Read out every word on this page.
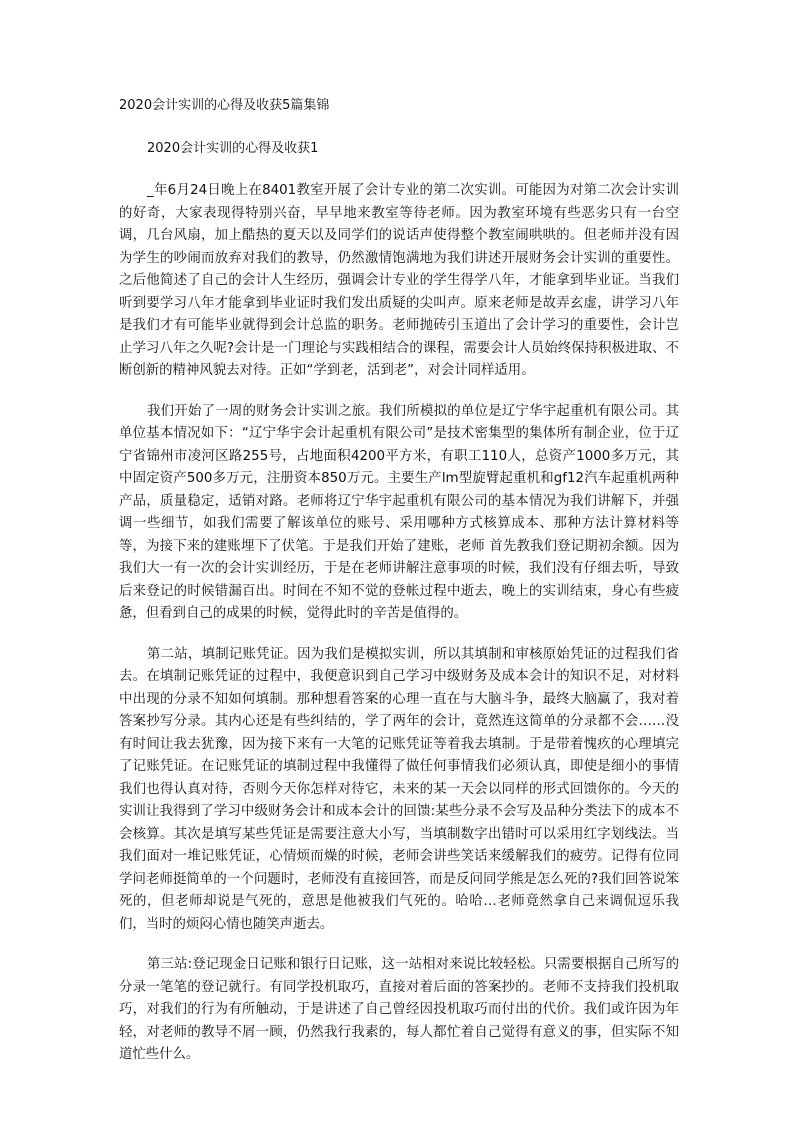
2020会计实训的心得及收获5篇集锦
2020会计实训的心得及收获1

_年6月24日晚上在8401教室开展了会计专业的第二次实训。可能因为对第二次会计实训的好奇，大家表现得特别兴奋，早早地来教室等待老师。因为教室环境有些恶劣只有一台空调，几台风扇，加上酷热的夏天以及同学们的说话声使得整个教室闹哄哄的。但老师并没有因为学生的吵闹而放弃对我们的教导，仍然激情饱满地为我们讲述开展财务会计实训的重要性。之后他简述了自己的会计人生经历，强调会计专业的学生得学八年，才能拿到毕业证。当我们听到要学习八年才能拿到毕业证时我们发出质疑的尖叫声。原来老师是故弄玄虚，讲学习八年是我们才有可能毕业就得到会计总监的职务。老师抛砖引玉道出了会计学习的重要性，会计岂止学习八年之久呢?会计是一门理论与实践相结合的课程，需要会计人员始终保持积极进取、不断创新的精神风貌去对待。正如“学到老，活到老”，对会计同样适用。

我们开始了一周的财务会计实训之旅。我们所模拟的单位是辽宁华宇起重机有限公司。其单位基本情况如下：“辽宁华宇会计起重机有限公司”是技术密集型的集体所有制企业，位于辽宁省锦州市凌河区路255号，占地面积4200平方米，有职工110人，总资产1000多万元，其中固定资产500多万元，注册资本850万元。主要生产lm型旋臂起重机和gf12汽车起重机两种产品，质量稳定，适销对路。老师将辽宁华宇起重机有限公司的基本情况为我们讲解下，并强调一些细节，如我们需要了解该单位的账号、采用哪种方式核算成本、那种方法计算材料等等，为接下来的建账埋下了伏笔。于是我们开始了建账，老师 首先教我们登记期初余额。因为我们大一有一次的会计实训经历，于是在老师讲解注意事项的时候，我们没有仔细去听，导致后来登记的时候错漏百出。时间在不知不觉的登帐过程中逝去，晚上的实训结束，身心有些疲惫，但看到自己的成果的时候，觉得此时的辛苦是值得的。

第二站，填制记账凭证。因为我们是模拟实训，所以其填制和审核原始凭证的过程我们省去。在填制记账凭证的过程中，我便意识到自己学习中级财务及成本会计的知识不足，对材料中出现的分录不知如何填制。那种想看答案的心理一直在与大脑斗争，最终大脑赢了，我对着答案抄写分录。其内心还是有些纠结的，学了两年的会计，竟然连这简单的分录都不会……没有时间让我去犹豫，因为接下来有一大笔的记账凭证等着我去填制。于是带着愧疚的心理填完了记账凭证。在记账凭证的填制过程中我懂得了做任何事情我们必须认真，即使是细小的事情我们也得认真对待，否则今天你怎样对待它，未来的某一天会以同样的形式回馈你的。今天的实训让我得到了学习中级财务会计和成本会计的回馈:某些分录不会写及品种分类法下的成本不会核算。其次是填写某些凭证是需要注意大小写，当填制数字出错时可以采用红字划线法。当我们面对一堆记账凭证，心情烦而燥的时候，老师会讲些笑话来缓解我们的疲劳。记得有位同学问老师挺简单的一个问题时，老师没有直接回答，而是反问同学熊是怎么死的?我们回答说笨死的，但老师却说是气死的，意思是他被我们气死的。哈哈…老师竟然拿自己来调侃逗乐我们，当时的烦闷心情也随笑声逝去。

第三站:登记现金日记账和银行日记账，这一站相对来说比较轻松。只需要根据自己所写的分录一笔笔的登记就行。有同学投机取巧，直接对着后面的答案抄的。老师不支持我们投机取巧，对我们的行为有所触动，于是讲述了自己曾经因投机取巧而付出的代价。我们或许因为年轻，对老师的教导不屑一顾，仍然我行我素的，每人都忙着自己觉得有意义的事，但实际不知道忙些什么。
